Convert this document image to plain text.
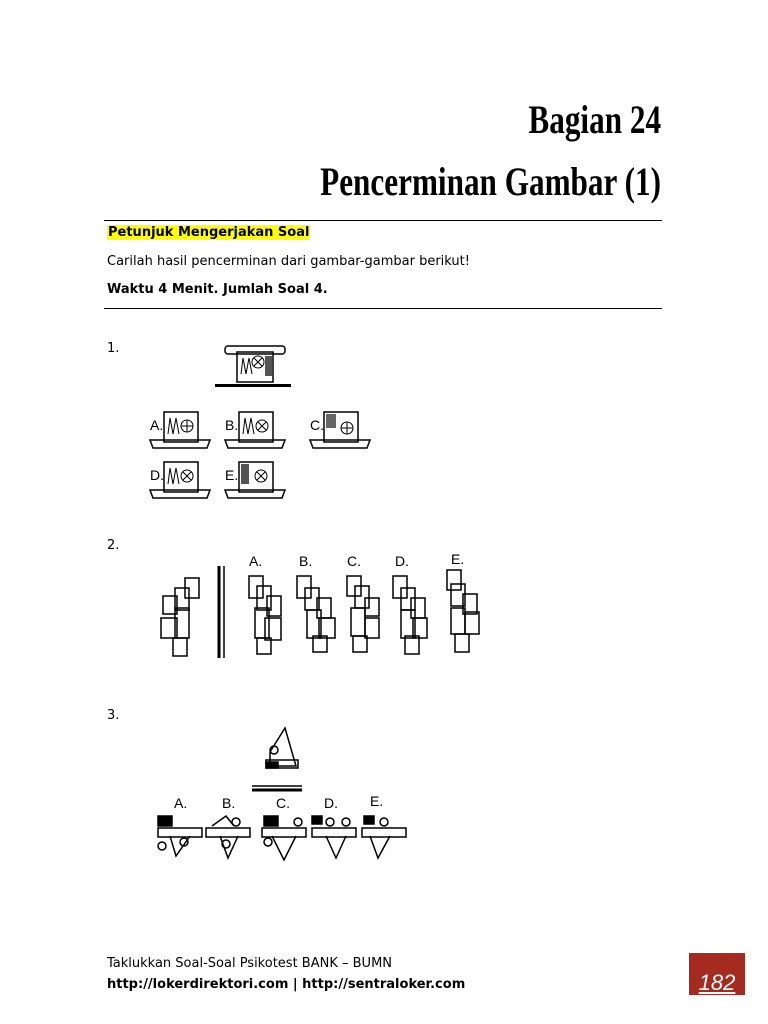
Bagian 24
Pencerminan Gambar (1)
Petunjuk Mengerjakan Soal
Carilah hasil pencerminan dari gambar-gambar berikut!
Waktu 4 Menit. Jumlah Soal 4.
1.
A.	B.	C.
D.	E.
2.
A.	B. C. D.	E.
3.
A. B.	C. D. E.
Taklukkan Soal-Soal Psikotest BANK – BUMN
http://lokerdirektori.com | http://sentraloker.com	182
